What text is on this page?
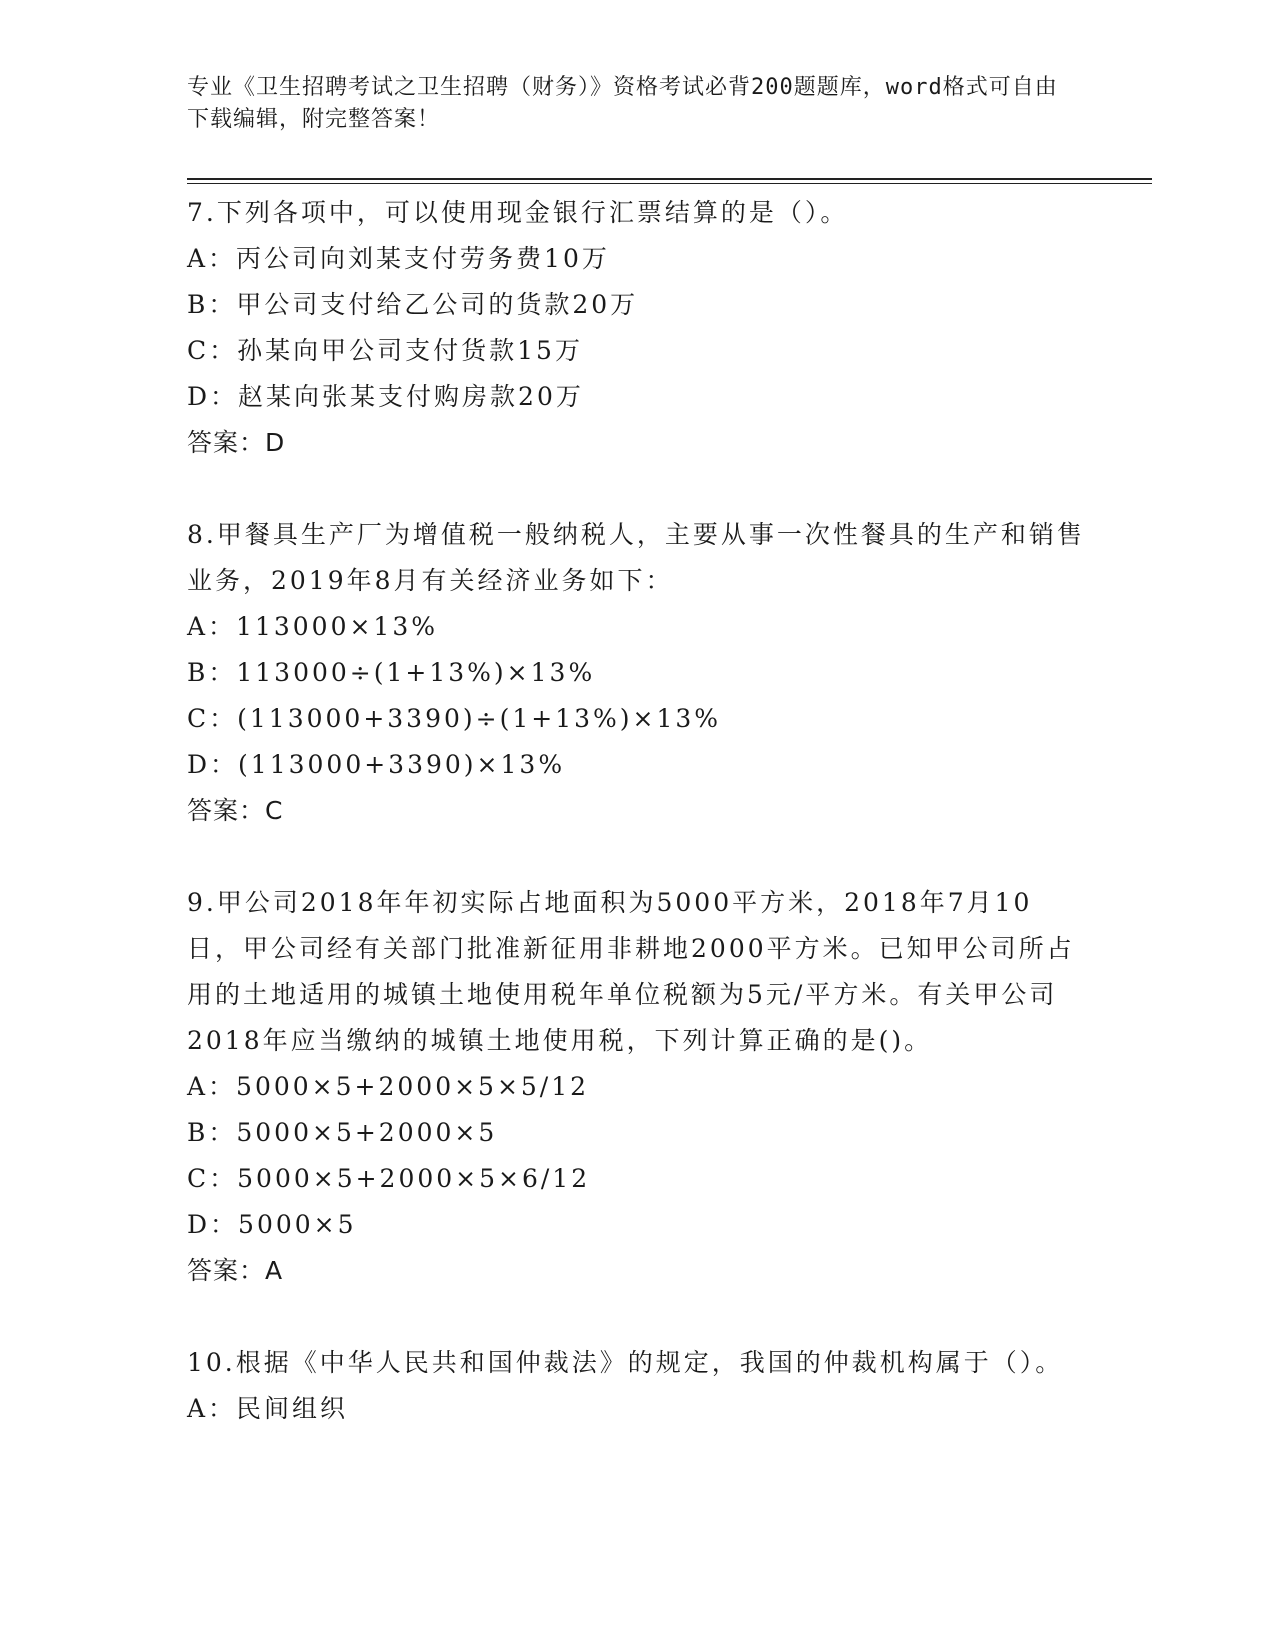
专业《卫生招聘考试之卫生招聘（财务）》资格考试必背200题题库，word格式可自由下载编辑，附完整答案！
7.下列各项中，可以使用现金银行汇票结算的是（）。
A：丙公司向刘某支付劳务费10万
B：甲公司支付给乙公司的货款20万
C：孙某向甲公司支付货款15万
D：赵某向张某支付购房款20万
答案：D
8.甲餐具生产厂为增值税一般纳税人，主要从事一次性餐具的生产和销售业务，2019年8月有关经济业务如下：
A：113000×13%
B：113000÷(1+13%)×13%
C：(113000+3390)÷(1+13%)×13%
D：(113000+3390)×13%
答案：C
9.甲公司2018年年初实际占地面积为5000平方米，2018年7月10日，甲公司经有关部门批准新征用非耕地2000平方米。已知甲公司所占用的土地适用的城镇土地使用税年单位税额为5元/平方米。有关甲公司2018年应当缴纳的城镇土地使用税，下列计算正确的是()。
A：5000×5+2000×5×5/12
B：5000×5+2000×5
C：5000×5+2000×5×6/12
D：5000×5
答案：A
10.根据《中华人民共和国仲裁法》的规定，我国的仲裁机构属于（）。
A：民间组织
